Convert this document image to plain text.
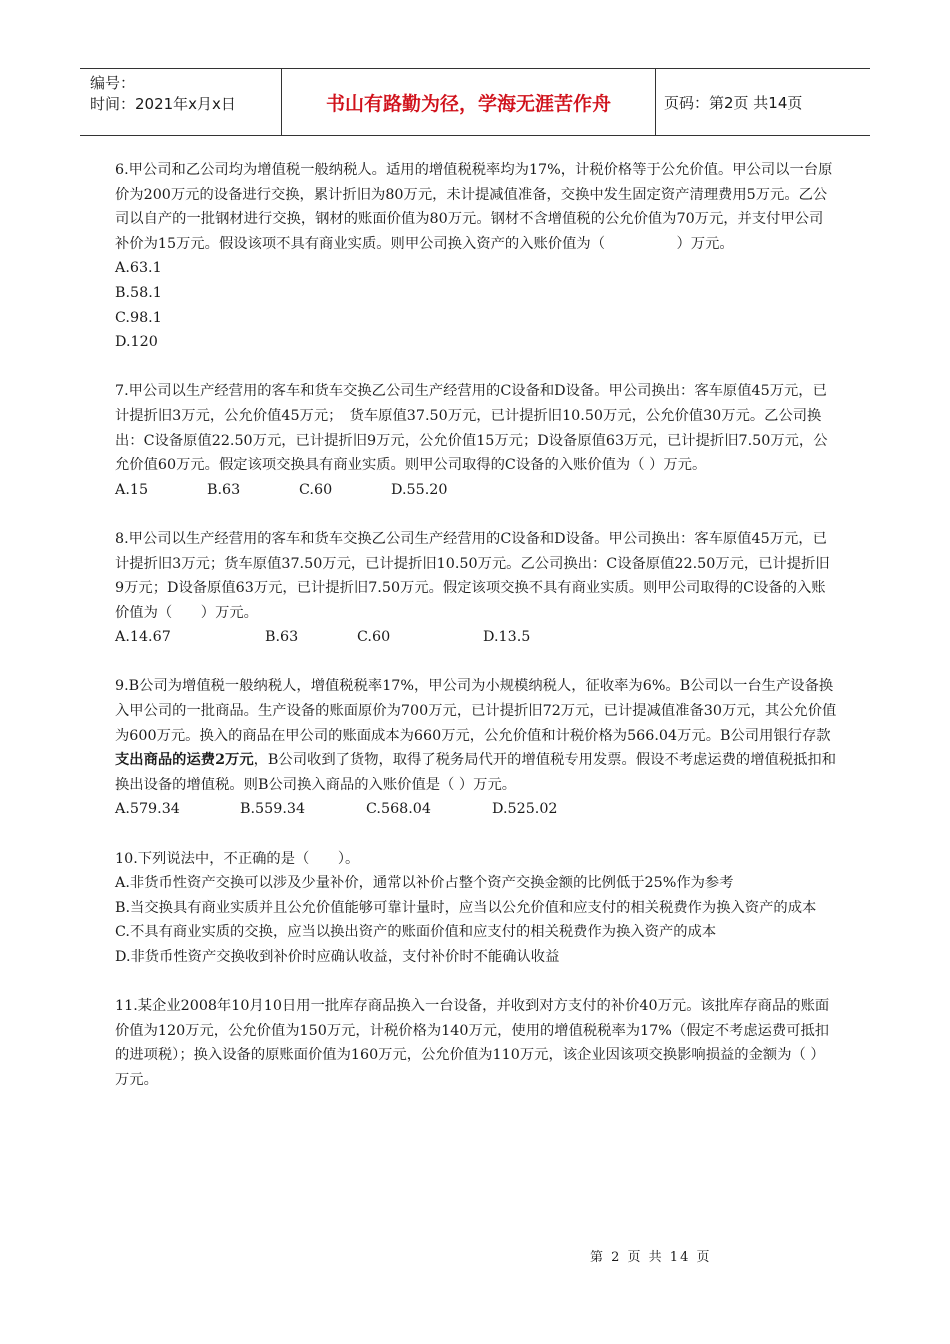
编号：
时间：2021年x月x日	书山有路勤为径，学海无涯苦作舟	页码：第2页 共14页

6.甲公司和乙公司均为增值税一般纳税人。适用的增值税税率均为17%，计税价格等于公允价值。甲公司以一台原价为200万元的设备进行交换，累计折旧为80万元，未计提减值准备，交换中发生固定资产清理费用5万元。乙公司以自产的一批钢材进行交换，钢材的账面价值为80万元。钢材不含增值税的公允价值为70万元，并支付甲公司补价为15万元。假设该项不具有商业实质。则甲公司换入资产的入账价值为（　　　　　）万元。

A.63.1

B.58.1

C.98.1

D.120

7.甲公司以生产经营用的客车和货车交换乙公司生产经营用的C设备和D设备。甲公司换出：客车原值45万元，已计提折旧3万元，公允价值45万元；　货车原值37.50万元，已计提折旧10.50万元，公允价值30万元。乙公司换出：C设备原值22.50万元，已计提折旧9万元，公允价值15万元；D设备原值63万元，已计提折旧7.50万元，公允价值60万元。假定该项交换具有商业实质。则甲公司取得的C设备的入账价值为（ ）万元。

A.15	B.63	C.60	D.55.20

8.甲公司以生产经营用的客车和货车交换乙公司生产经营用的C设备和D设备。甲公司换出：客车原值45万元，已计提折旧3万元；货车原值37.50万元，已计提折旧10.50万元。乙公司换出：C设备原值22.50万元，已计提折旧9万元；D设备原值63万元，已计提折旧7.50万元。假定该项交换不具有商业实质。则甲公司取得的C设备的入账价值为（　　）万元。

A.14.67	B.63	C.60	D.13.5

9.B公司为增值税一般纳税人，增值税税率17%，甲公司为小规模纳税人，征收率为6%。B公司以一台生产设备换入甲公司的一批商品。生产设备的账面原价为700万元，已计提折旧72万元，已计提减值准备30万元，其公允价值为600万元。换入的商品在甲公司的账面成本为660万元，公允价值和计税价格为566.04万元。B公司用银行存款支出商品的运费2万元，B公司收到了货物，取得了税务局代开的增值税专用发票。假设不考虑运费的增值税抵扣和换出设备的增值税。则B公司换入商品的入账价值是（ ）万元。

A.579.34	B.559.34	C.568.04	D.525.02

10.下列说法中，不正确的是（　　）。

A.非货币性资产交换可以涉及少量补价，通常以补价占整个资产交换金额的比例低于25%作为参考

B.当交换具有商业实质并且公允价值能够可靠计量时，应当以公允价值和应支付的相关税费作为换入资产的成本

C.不具有商业实质的交换，应当以换出资产的账面价值和应支付的相关税费作为换入资产的成本

D.非货币性资产交换收到补价时应确认收益，支付补价时不能确认收益

11.某企业2008年10月10日用一批库存商品换入一台设备，并收到对方支付的补价40万元。该批库存商品的账面价值为120万元，公允价值为150万元，计税价格为140万元，使用的增值税税率为17%（假定不考虑运费可抵扣的进项税）；换入设备的原账面价值为160万元，公允价值为110万元，该企业因该项交换影响损益的金额为（ ）万元。

第 2 页 共 14 页
